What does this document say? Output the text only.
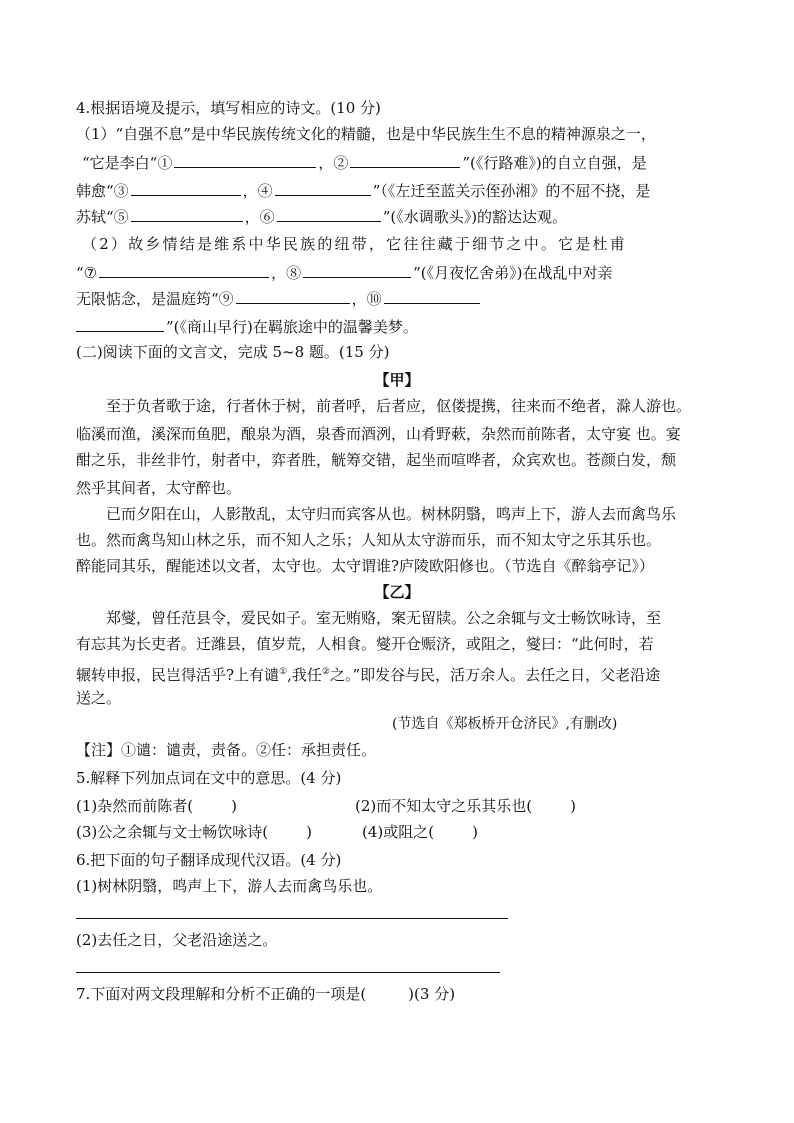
4.根据语境及提示，填写相应的诗文。(10 分)
（1）“自强不息”是中华民族传统文化的精髓，也是中华民族生生不息的精神源泉之一，
“它是李白“①	，②	”(《行路难》)的自立自强，是
韩愈“③	，④	”（《左迁至蓝关示侄孙湘》的不屈不挠，是
苏轼“⑤	，⑥	”(《水调歌头》)的豁达达观。
（2）故乡情结是维系中华民族的纽带，它往往藏于细节之中。它是杜甫
“⑦	，⑧	”(《月夜忆舍弟》)在战乱中对亲
无限惦念，是温庭筠“⑨	，⑩
”(《商山早行)在羁旅途中的温馨美梦。
(二)阅读下面的文言文，完成 5~8 题。(15 分)
【甲】
至于负者歌于途，行者休于树，前者呼，后者应，伛偻提携，往来而不绝者，滁人游也。
临溪而渔，溪深而鱼肥，酿泉为酒，泉香而酒洌，山肴野蔌，杂然而前陈者，太守宴 也。宴
酣之乐，非丝非竹，射者中，弈者胜，觥筹交错，起坐而喧哗者，众宾欢也。苍颜白发，颓
然乎其间者，太守醉也。
已而夕阳在山，人影散乱，太守归而宾客从也。树林阴翳，鸣声上下，游人去而禽鸟乐
也。然而禽鸟知山林之乐，而不知人之乐；人知从太守游而乐，而不知太守之乐其乐也。
醉能同其乐，醒能述以文者，太守也。太守谓谁?庐陵欧阳修也。（节选自《醉翁亭记》）
【乙】
郑燮，曾任范县令，爱民如子。室无贿赂，案无留牍。公之余辄与文士畅饮咏诗，至
有忘其为长吏者。迁潍县，值岁荒，人相食。燮开仓赈济，或阻之，燮曰：“此何时，若
辗转申报，民岂得活乎?上有谴①,我任②之。”即发谷与民，活万余人。去任之日，父老沿途
送之。
(节选自《郑板桥开仓济民》,有删改)
【注】①谴：谴责，责备。②任：承担责任。
5.解释下列加点词在文中的意思。(4 分)
(1)杂然而前陈者(	)	(2)而不知太守之乐其乐也(	)
(3)公之余辄与文士畅饮咏诗(	)	(4)或阻之(	)
6.把下面的句子翻译成现代汉语。(4 分)
(1)树林阴翳，鸣声上下，游人去而禽鸟乐也。
(2)去任之日，父老沿途送之。
7.下面对两文段理解和分析不正确的一项是(	)(3 分)
